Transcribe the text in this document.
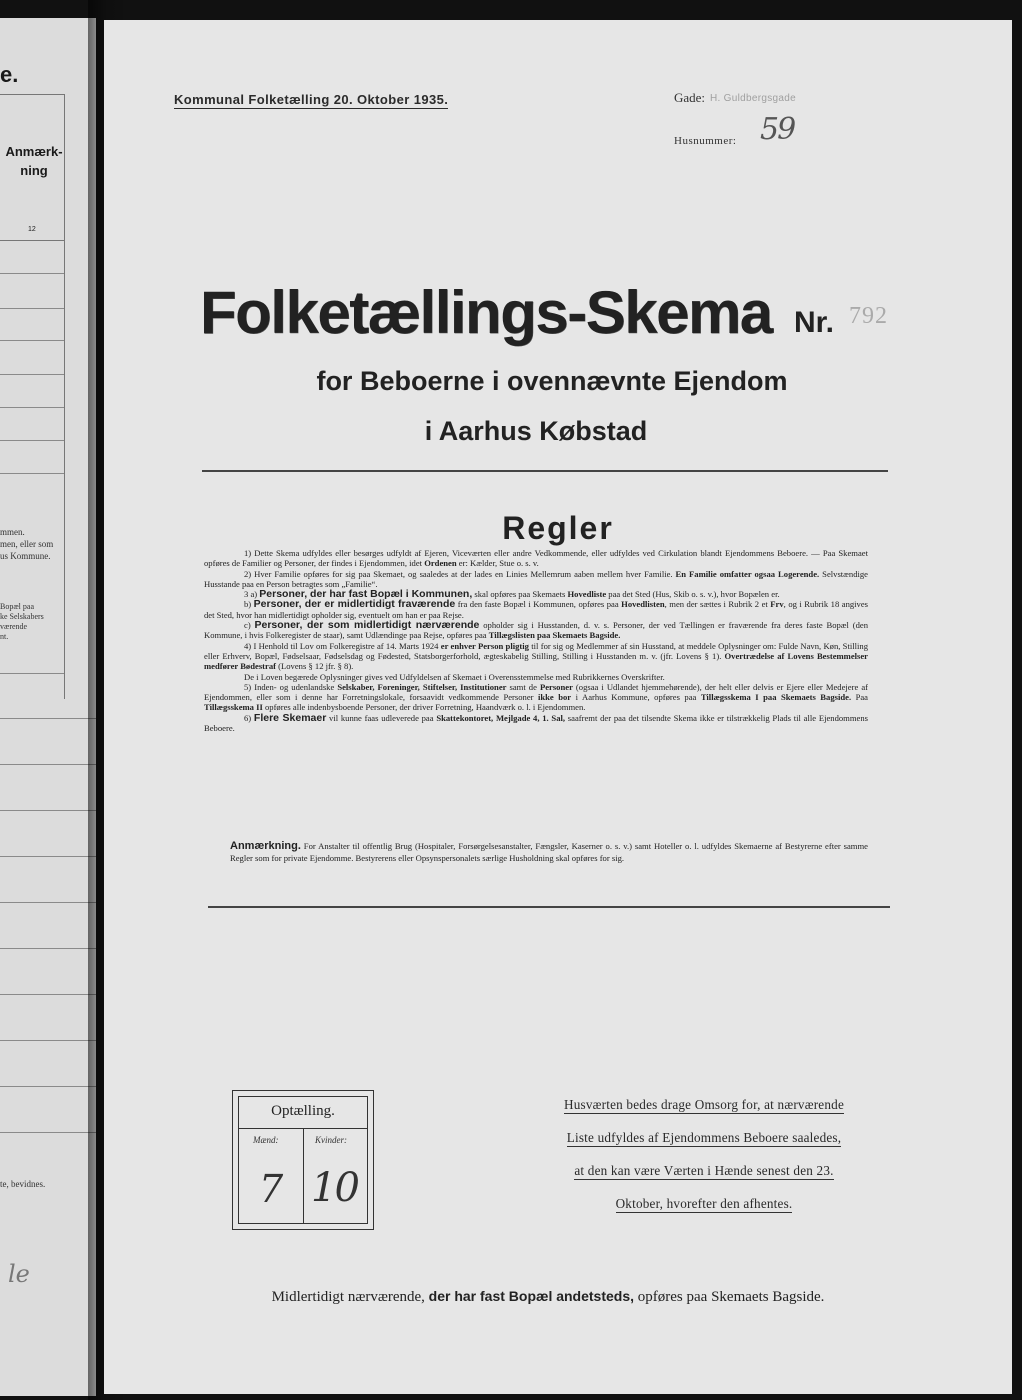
e.
Anmærk-
ning
12
mmen.
men, eller som
us Kommune.
Bopæl paa
ke Selskabers
værende
nt.
te, bevidnes.
le
Kommunal Folketælling 20. Oktober 1935.	Gade: H. Guldbergsgade
Husnummer: 59
Folketællings-Skema Nr. 792
for Beboerne i ovennævnte Ejendom
i Aarhus Købstad
Regler

1) Dette Skema udfyldes eller besørges udfyldt af Ejeren, Viceværten eller andre Vedkommende, eller udfyldes ved Cirkulation blandt Ejendommens Beboere. — Paa Skemaet opføres de Familier og Personer, der findes i Ejendommen, idet Ordenen er: Kælder, Stue o. s. v.

2) Hver Familie opføres for sig paa Skemaet, og saaledes at der lades en Linies Mellemrum aaben mellem hver Familie. En Familie omfatter ogsaa Logerende. Selvstændige Husstande paa en Person betragtes som „Familie“.

3 a) Personer, der har fast Bopæl i Kommunen, skal opføres paa Skemaets Hovedliste paa det Sted (Hus, Skib o. s. v.), hvor Bopælen er.

b) Personer, der er midlertidigt fraværende fra den faste Bopæl i Kommunen, opføres paa Hovedlisten, men der sættes i Rubrik 2 et Frv, og i Rubrik 18 angives det Sted, hvor han midlertidigt opholder sig, eventuelt om han er paa Rejse.

c) Personer, der som midlertidigt nærværende opholder sig i Husstanden, d. v. s. Personer, der ved Tællingen er fraværende fra deres faste Bopæl (den Kommune, i hvis Folkeregister de staar), samt Udlændinge paa Rejse, opføres paa Tillægslisten paa Skemaets Bagside.

4) I Henhold til Lov om Folkeregistre af 14. Marts 1924 er enhver Person pligtig til for sig og Medlemmer af sin Husstand, at meddele Oplysninger om: Fulde Navn, Køn, Stilling eller Erhverv, Bopæl, Fødselsaar, Fødselsdag og Fødested, Statsborgerforhold, ægteskabelig Stilling, Stilling i Husstanden m. v. (jfr. Lovens § 1). Overtrædelse af Lovens Bestemmelser medfører Bødestraf (Lovens § 12 jfr. § 8).

De i Loven begærede Oplysninger gives ved Udfyldelsen af Skemaet i Overensstemmelse med Rubrikkernes Overskrifter.

5) Inden- og udenlandske Selskaber, Foreninger, Stiftelser, Institutioner samt de Personer (ogsaa i Udlandet hjemmehørende), der helt eller delvis er Ejere eller Medejere af Ejendommen, eller som i denne har Forretningslokale, forsaavidt vedkommende Personer ikke bor i Aarhus Kommune, opføres paa Tillægsskema I paa Skemaets Bagside. Paa Tillægsskema II opføres alle indenbysboende Personer, der driver Forretning, Haandværk o. l. i Ejendommen.

6) Flere Skemaer vil kunne faas udleverede paa Skattekontoret, Mejlgade 4, 1. Sal, saafremt der paa det tilsendte Skema ikke er tilstrækkelig Plads til alle Ejendommens Beboere.

Anmærkning. For Anstalter til offentlig Brug (Hospitaler, Forsørgelsesanstalter, Fængsler, Kaserner o. s. v.) samt Hoteller o. l. udfyldes Skemaerne af Bestyrerne efter samme Regler som for private Ejendomme. Bestyrerens eller Opsynspersonalets særlige Husholdning skal opføres for sig.
Optælling.
Mænd:	Kvinder:
7 10
Husværten bedes drage Omsorg for, at nærværende
Liste udfyldes af Ejendommens Beboere saaledes,
at den kan være Værten i Hænde senest den 23.
Oktober, hvorefter den afhentes.
Midlertidigt nærværende, der har fast Bopæl andetsteds, opføres paa Skemaets Bagside.
